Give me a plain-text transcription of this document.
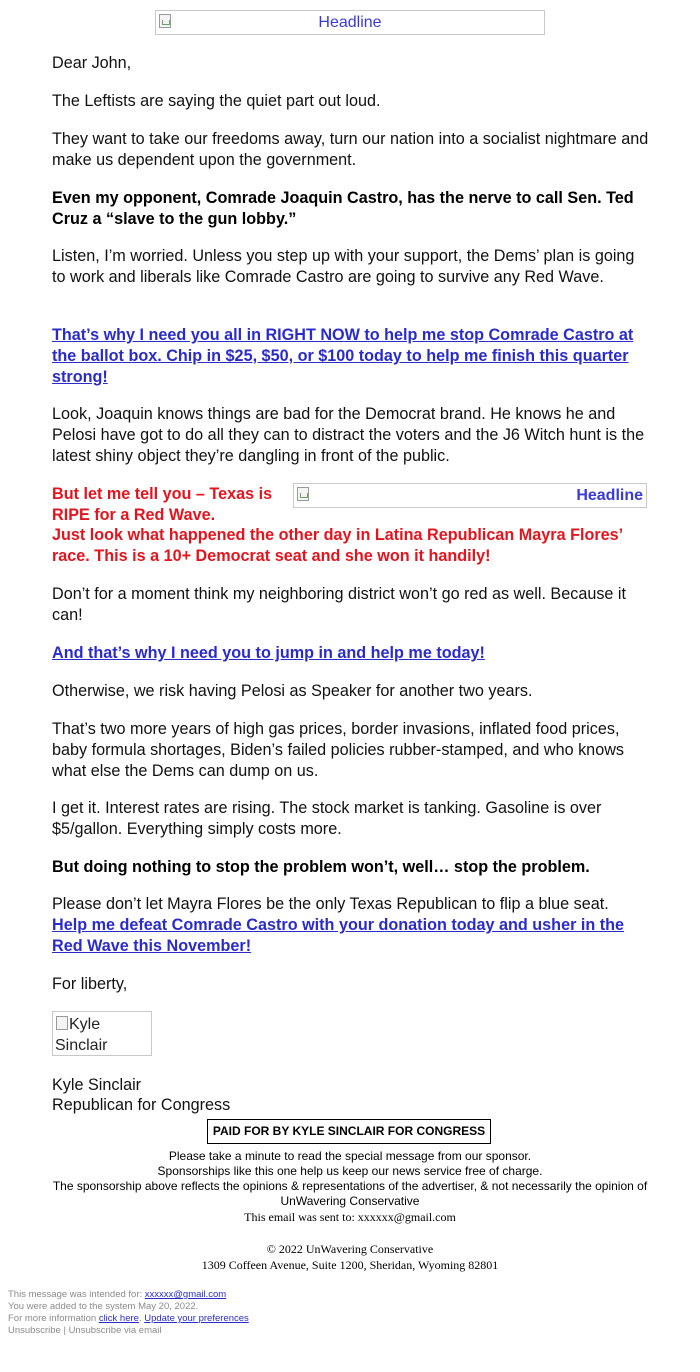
Headline

Dear John,

The Leftists are saying the quiet part out loud.

They want to take our freedoms away, turn our nation into a socialist nightmare and make us dependent upon the government.

Even my opponent, Comrade Joaquin Castro, has the nerve to call Sen. Ted Cruz a “slave to the gun lobby.”

Listen, I’m worried. Unless you step up with your support, the Dems’ plan is going to work and liberals like Comrade Castro are going to survive any Red Wave.

That’s why I need you all in RIGHT NOW to help me stop Comrade Castro at the ballot box. Chip in $25, $50, or $100 today to help me finish this quarter strong!

Look, Joaquin knows things are bad for the Democrat brand. He knows he and Pelosi have got to do all they can to distract the voters and the J6 Witch hunt is the latest shiny object they’re dangling in front of the public.

But let me tell you – Texas is RIPE for a Red Wave.

Headline

Just look what happened the other day in Latina Republican Mayra Flores’ race. This is a 10+ Democrat seat and she won it handily!

Don’t for a moment think my neighboring district won’t go red as well. Because it can!

And that’s why I need you to jump in and help me today!

Otherwise, we risk having Pelosi as Speaker for another two years.

That’s two more years of high gas prices, border invasions, inflated food prices, baby formula shortages, Biden’s failed policies rubber-stamped, and who knows what else the Dems can dump on us.

I get it. Interest rates are rising. The stock market is tanking. Gasoline is over $5/gallon. Everything simply costs more.

But doing nothing to stop the problem won’t, well… stop the problem.

Please don’t let Mayra Flores be the only Texas Republican to flip a blue seat.

Help me defeat Comrade Castro with your donation today and usher in the Red Wave this November!

For liberty,

Kyle Sinclair

Kyle Sinclair

Republican for Congress

PAID FOR BY KYLE SINCLAIR FOR CONGRESS
Please take a minute to read the special message from our sponsor.
Sponsorships like this one help us keep our news service free of charge.
The sponsorship above reflects the opinions & representations of the advertiser, & not necessarily the opinion of UnWavering Conservative
This email was sent to: xxxxxx@gmail.com
© 2022 UnWavering Conservative
1309 Coffeen Avenue, Suite 1200, Sheridan, Wyoming 82801
This message was intended for: xxxxxx@gmail.com
You were added to the system May 20, 2022.
For more information click here. Update your preferences
Unsubscribe | Unsubscribe via email
